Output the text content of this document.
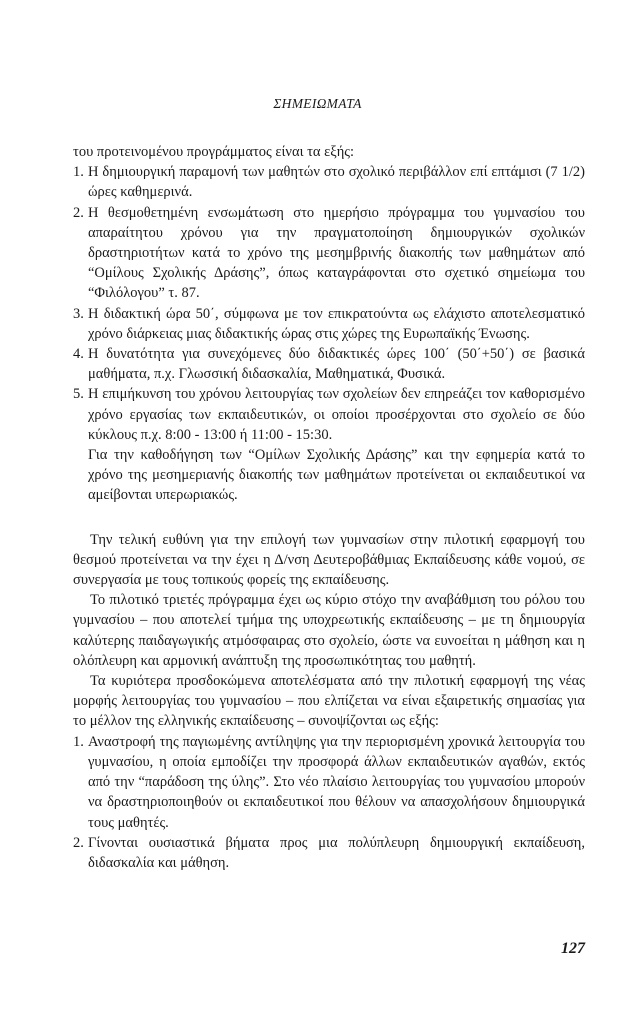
ΣΗΜΕΙΩΜΑΤΑ

του προτεινομένου προγράμματος είναι τα εξής:

1. Η δημιουργική παραμονή των μαθητών στο σχολικό περιβάλλον επί επτάμισι (7 1/2) ώρες καθημερινά.
2. Η θεσμοθετημένη ενσωμάτωση στο ημερήσιο πρόγραμμα του γυμνασίου του απαραίτητου χρόνου για την πραγματοποίηση δημιουργικών σχολικών δραστηριοτήτων κατά το χρόνο της μεσημβρινής διακοπής των μαθημάτων από “Ομίλους Σχολικής Δράσης”, όπως καταγράφονται στο σχετικό σημείωμα του “Φιλόλογου” τ. 87.
3. Η διδακτική ώρα 50΄, σύμφωνα με τον επικρατούντα ως ελάχιστο αποτελεσματικό χρόνο διάρκειας μιας διδακτικής ώρας στις χώρες της Ευρωπαϊκής Ένωσης.
4. Η δυνατότητα για συνεχόμενες δύο διδακτικές ώρες 100΄ (50΄+50΄) σε βασικά μαθήματα, π.χ. Γλωσσική διδασκαλία, Μαθηματικά, Φυσικά.
5. Η επιμήκυνση του χρόνου λειτουργίας των σχολείων δεν επηρεάζει τον καθορισμένο χρόνο εργασίας των εκπαιδευτικών, οι οποίοι προσέρχονται στο σχολείο σε δύο κύκλους π.χ. 8:00 - 13:00 ή 11:00 - 15:30.

Για την καθοδήγηση των “Ομίλων Σχολικής Δράσης” και την εφημερία κατά το χρόνο της μεσημεριανής διακοπής των μαθημάτων προτείνεται οι εκπαιδευτικοί να αμείβονται υπερωριακώς.

Την τελική ευθύνη για την επιλογή των γυμνασίων στην πιλοτική εφαρμογή του θεσμού προτείνεται να την έχει η Δ/νση Δευτεροβάθμιας Εκπαίδευσης κάθε νομού, σε συνεργασία με τους τοπικούς φορείς της εκπαίδευσης.

Το πιλοτικό τριετές πρόγραμμα έχει ως κύριο στόχο την αναβάθμιση του ρόλου του γυμνασίου – που αποτελεί τμήμα της υποχρεωτικής εκπαίδευσης – με τη δημιουργία καλύτερης παιδαγωγικής ατμόσφαιρας στο σχολείο, ώστε να ευνοείται η μάθηση και η ολόπλευρη και αρμονική ανάπτυξη της προσωπικότητας του μαθητή.

Τα κυριότερα προσδοκώμενα αποτελέσματα από την πιλοτική εφαρμογή της νέας μορφής λειτουργίας του γυμνασίου – που ελπίζεται να είναι εξαιρετικής σημασίας για το μέλλον της ελληνικής εκπαίδευσης – συνοψίζονται ως εξής:

1. Αναστροφή της παγιωμένης αντίληψης για την περιορισμένη χρονικά λειτουργία του γυμνασίου, η οποία εμποδίζει την προσφορά άλλων εκπαιδευτικών αγαθών, εκτός από την “παράδοση της ύλης”. Στο νέο πλαίσιο λειτουργίας του γυμνασίου μπορούν να δραστηριοποιηθούν οι εκπαιδευτικοί που θέλουν να απασχολήσουν δημιουργικά τους μαθητές.
2. Γίνονται ουσιαστικά βήματα προς μια πολύπλευρη δημιουργική εκπαίδευση, διδασκαλία και μάθηση.
127
